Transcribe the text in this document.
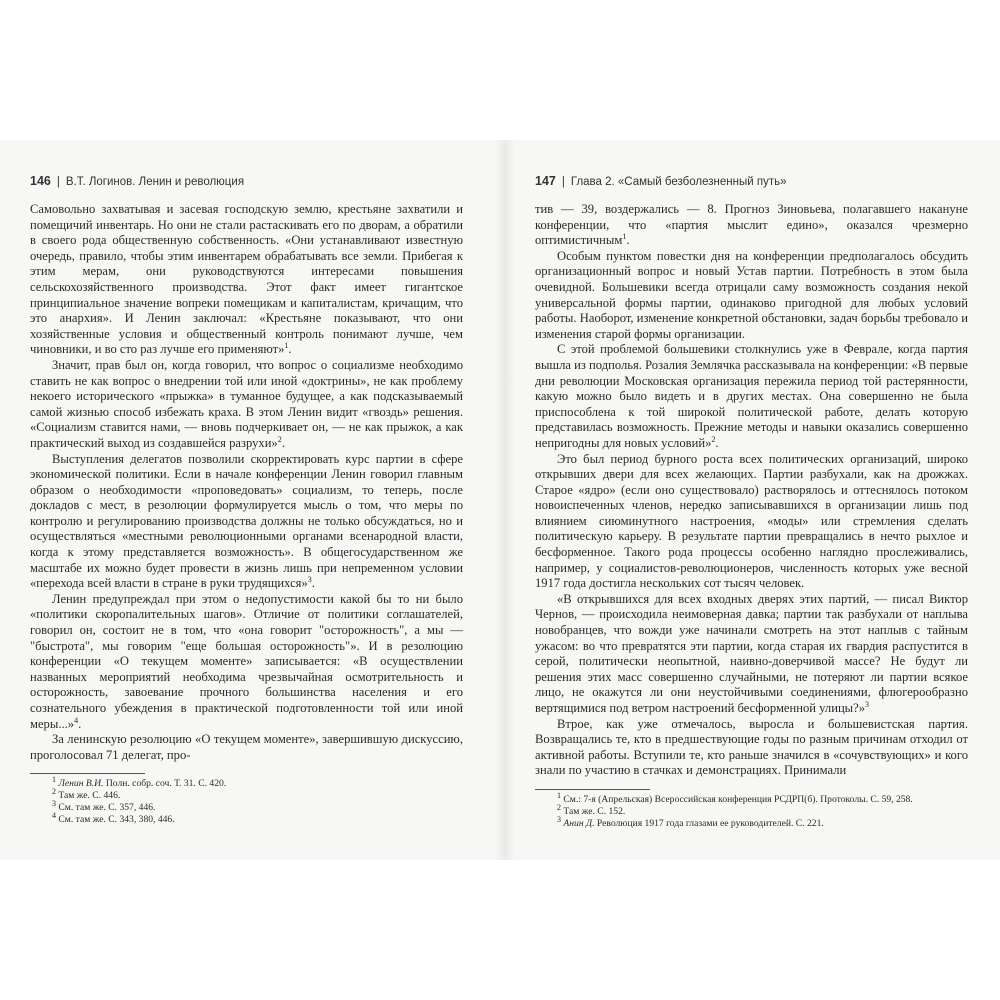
146 | В.Т. Логинов. Ленин и революция

Самовольно захватывая и засевая господскую землю, крестьяне захватили и помещичий инвентарь. Но они не стали растаскивать его по дворам, а обратили в своего рода общественную собственность. «Они устанавливают известную очередь, правило, чтобы этим инвентарем обрабатывать все земли. Прибегая к этим мерам, они руководствуются интересами повышения сельскохозяйственного производства. Этот факт имеет гигантское принципиальное значение вопреки помещикам и капиталистам, кричащим, что это анархия». И Ленин заключал: «Крестьяне показывают, что они хозяйственные условия и общественный контроль понимают лучше, чем чиновники, и во сто раз лучше его применяют»$^1$.

Значит, прав был он, когда говорил, что вопрос о социализме необходимо ставить не как вопрос о внедрении той или иной «доктрины», не как проблему некоего исторического «прыжка» в туманное будущее, а как подсказываемый самой жизнью способ избежать краха. В этом Ленин видит «гвоздь» решения. «Социализм ставится нами, — вновь подчеркивает он, — не как прыжок, а как практический выход из создавшейся разрухи»$^2$.

Выступления делегатов позволили скорректировать курс партии в сфере экономической политики. Если в начале конференции Ленин говорил главным образом о необходимости «проповедовать» социализм, то теперь, после докладов с мест, в резолюции формулируется мысль о том, что меры по контролю и регулированию производства должны не только обсуждаться, но и осуществляться «местными революционными органами всенародной власти, когда к этому представляется возможность». В общегосударственном же масштабе их можно будет провести в жизнь лишь при непременном условии «перехода всей власти в стране в руки трудящихся»$^3$.

Ленин предупреждал при этом о недопустимости какой бы то ни было «политики скоропалительных шагов». Отличие от политики соглашателей, говорил он, состоит не в том, что «она говорит "осторожность", а мы — "быстрота", мы говорим "еще большая осторожность"». И в резолюцию конференции «О текущем моменте» записывается: «В осуществлении названных мероприятий необходима чрезвычайная осмотрительность и осторожность, завоевание прочного большинства населения и его сознательного убеждения в практической подготовленности той или иной меры...»$^4$.

За ленинскую резолюцию «О текущем моменте», завершившую дискуссию, проголосовал 71 делегат, про-

$^1$ Ленин В.И. Полн. собр. соч. Т. 31. С. 420.

$^2$ Там же. С. 446.

$^3$ См. там же. С. 357, 446.

$^4$ См. там же. С. 343, 380, 446.

147 | Глава 2. «Самый безболезненный путь»

тив — 39, воздержались — 8. Прогноз Зиновьева, полагавшего накануне конференции, что «партия мыслит едино», оказался чрезмерно оптимистичным$^1$.

Особым пунктом повестки дня на конференции предполагалось обсудить организационный вопрос и новый Устав партии. Потребность в этом была очевидной. Большевики всегда отрицали саму возможность создания некой универсальной формы партии, одинаково пригодной для любых условий работы. Наоборот, изменение конкретной обстановки, задач борьбы требовало и изменения старой формы организации.

С этой проблемой большевики столкнулись уже в Феврале, когда партия вышла из подполья. Розалия Землячка рассказывала на конференции: «В первые дни революции Московская организация пережила период той растерянности, какую можно было видеть и в других местах. Она совершенно не была приспособлена к той широкой политической работе, делать которую представилась возможность. Прежние методы и навыки оказались совершенно непригодны для новых условий»$^2$.

Это был период бурного роста всех политических организаций, широко открывших двери для всех желающих. Партии разбухали, как на дрожжах. Старое «ядро» (если оно существовало) растворялось и оттеснялось потоком новоиспеченных членов, нередко записывавшихся в организации лишь под влиянием сиюминутного настроения, «моды» или стремления сделать политическую карьеру. В результате партии превращались в нечто рыхлое и бесформенное. Такого рода процессы особенно наглядно прослеживались, например, у социалистов-революционеров, численность которых уже весной 1917 года достигла нескольких сот тысяч человек.

«В открывшихся для всех входных дверях этих партий, — писал Виктор Чернов, — происходила неимоверная давка; партии так разбухали от наплыва новобранцев, что вожди уже начинали смотреть на этот наплыв с тайным ужасом: во что превратятся эти партии, когда старая их гвардия распустится в серой, политически неопытной, наивно-доверчивой массе? Не будут ли решения этих масс совершенно случайными, не потеряют ли партии всякое лицо, не окажутся ли они неустойчивыми соединениями, флюгерообразно вертящимися под ветром настроений бесформенной улицы?»$^3$

Втрое, как уже отмечалось, выросла и большевистская партия. Возвращались те, кто в предшествующие годы по разным причинам отходил от активной работы. Вступили те, кто раньше значился в «сочувствующих» и кого знали по участию в стачках и демонстрациях. Принимали

$^1$ См.: 7-я (Апрельская) Всероссийская конференция РСДРП(б). Протоколы. С. 59, 258.

$^2$ Там же. С. 152.

$^3$ Анин Д. Революция 1917 года глазами ее руководителей. С. 221.
